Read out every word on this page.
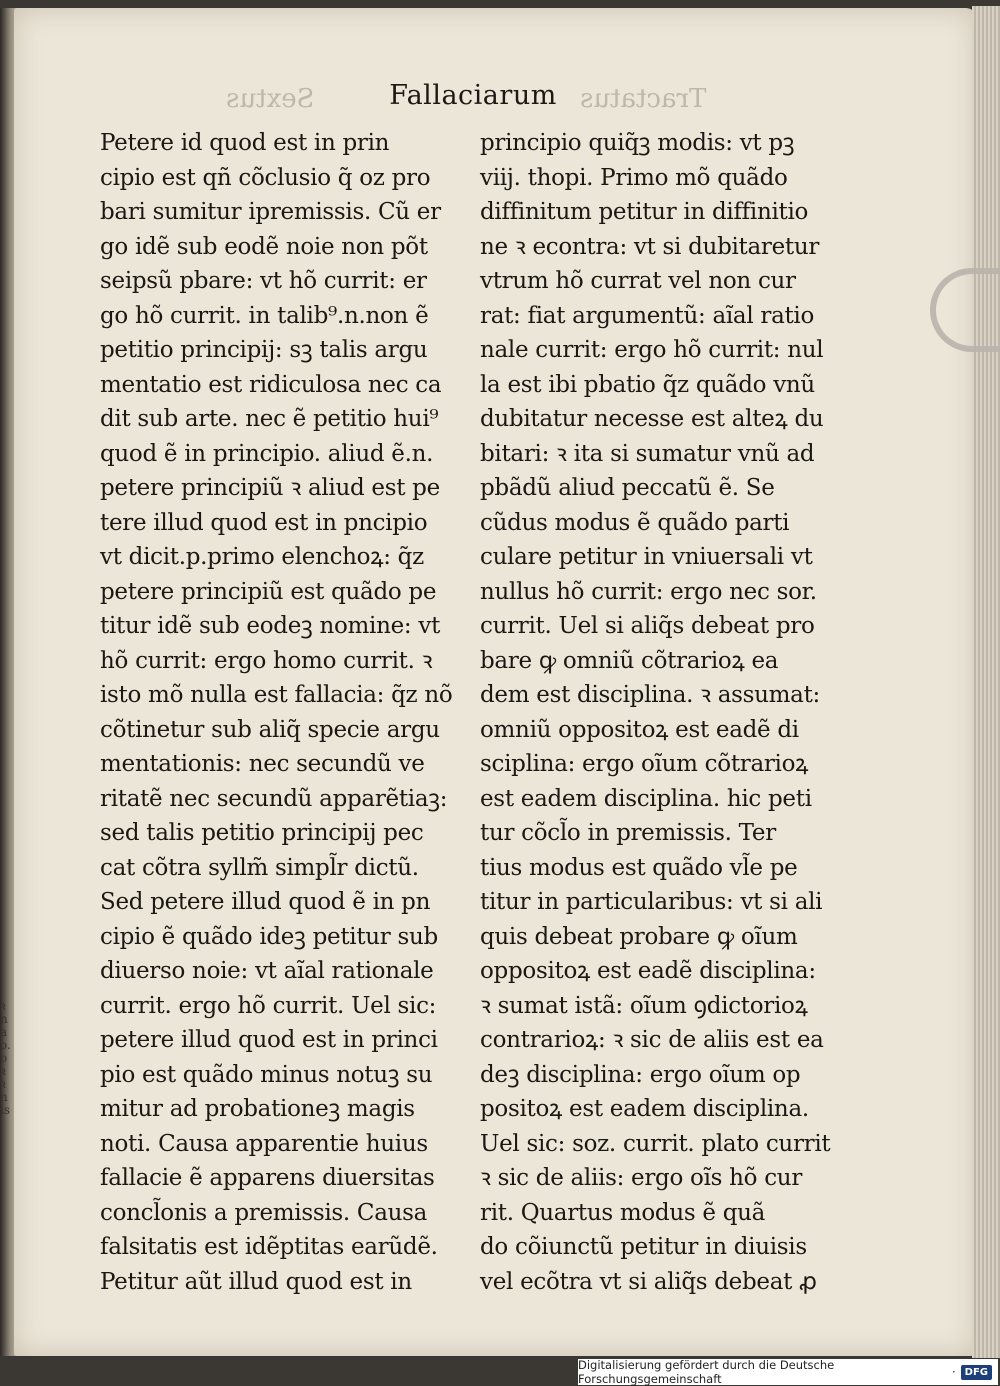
ꝛ
n
a
o.
o
ꝛ
ꝛ
n
is
Sextus	Tractatus
Fallaciarum
Petere id quod est in prin
cipio est qñ cõclusio q̃ oz pro
bari sumitur ipremissis. Cũ er
go idẽ sub eodẽ noie non põt
seipsũ pbare: vt hõ currit: er
go hõ currit. in talib⁹.n.non ẽ
petitio principij: sꝫ talis argu
mentatio est ridiculosa nec ca
dit sub arte. nec ẽ petitio hui⁹
quod ẽ in principio. aliud ẽ.n.
petere principiũ ꝛ aliud est pe
tere illud quod est in pncipio
vt dicit.p.primo elenchoꝝ: q̃z
petere principiũ est quãdo pe
titur idẽ sub eodeꝫ nomine: vt
hõ currit: ergo homo currit. ꝛ
isto mõ nulla est fallacia: q̃z nõ
cõtinetur sub aliq̃ specie argu
mentationis: nec secundũ ve
ritatẽ nec secundũ apparẽtiaꝫ:
sed talis petitio principij pec
cat cõtra syllm̃ simpl̃r dictũ.
Sed petere illud quod ẽ in pn
cipio ẽ quãdo ideꝫ petitur sub
diuerso noie: vt aĩal rationale
currit. ergo hõ currit. Uel sic:
petere illud quod est in princi
pio est quãdo minus notuꝫ su
mitur ad probationeꝫ magis
noti. Causa apparentie huius
fallacie ẽ apparens diuersitas
concl̃onis a premissis. Causa
falsitatis est idẽptitas earũdẽ.
Petitur aũt illud quod est in
principio quiq̃ꝫ modis: vt pꝫ
viij. thopi. Primo mõ quãdo
diffinitum petitur in diffinitio
ne ꝛ econtra: vt si dubitaretur
vtrum hõ currat vel non cur
rat: fiat argumentũ: aĩal ratio
nale currit: ergo hõ currit: nul
la est ibi pbatio q̃z quãdo vnũ
dubitatur necesse est alteꝝ du
bitari: ꝛ ita si sumatur vnũ ad
pbãdũ aliud peccatũ ẽ. Se
cũdus modus ẽ quãdo parti
culare petitur in vniuersali vt
nullus hõ currit: ergo nec sor.
currit. Uel si aliq̃s debeat pro
bare ꝙ omniũ cõtrarioꝝ ea
dem est disciplina. ꝛ assumat:
omniũ oppositoꝝ est eadẽ di
sciplina: ergo oĩum cõtrarioꝝ
est eadem disciplina. hic peti
tur cõcl̃o in premissis. Ter
tius modus est quãdo vl̃e pe
titur in particularibus: vt si ali
quis debeat probare ꝙ oĩum
oppositoꝝ est eadẽ disciplina:
ꝛ sumat istã: oĩum ꝯdictorioꝝ
contrarioꝝ: ꝛ sic de aliis est ea
deꝫ disciplina: ergo oĩum op
positoꝝ est eadem disciplina.
Uel sic: soz. currit. plato currit
ꝛ sic de aliis: ergo oĩs hõ cur
rit. Quartus modus ẽ quã
do cõiunctũ petitur in diuisis
vel ecõtra vt si aliq̃s debeat ꝓ
Digitalisierung gefördert durch die Deutsche Forschungsgemeinschaft	· DFG
